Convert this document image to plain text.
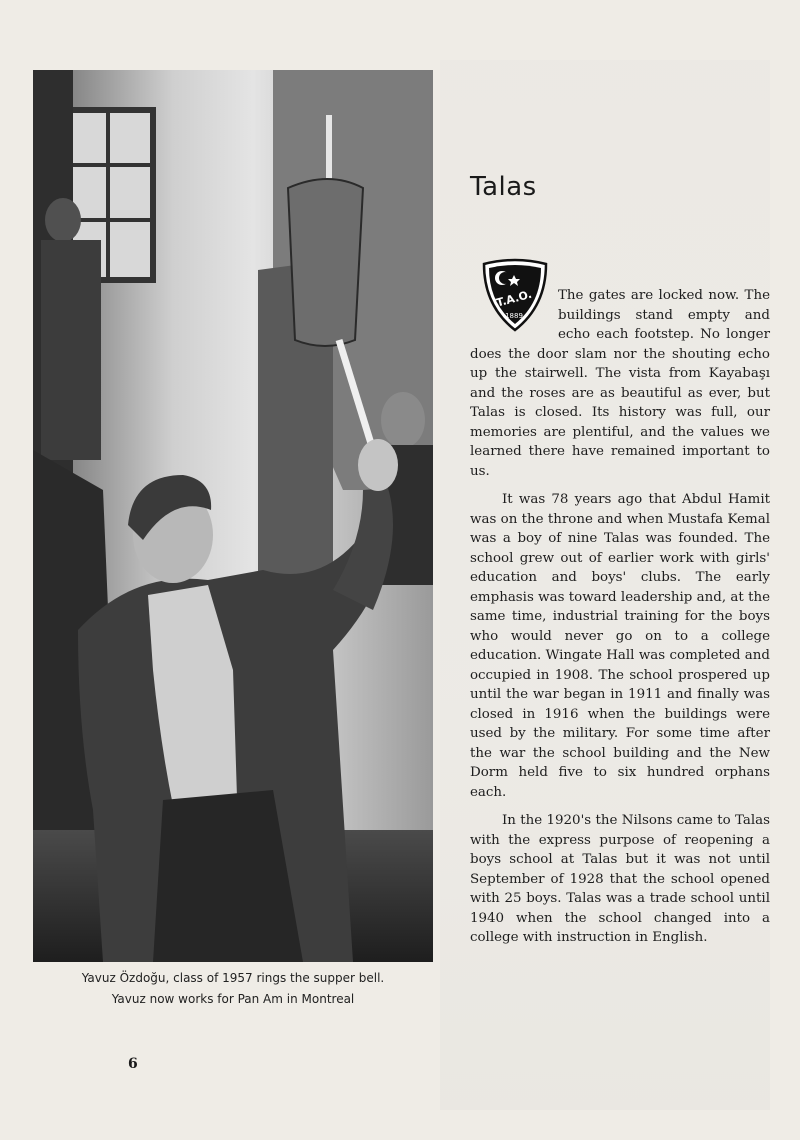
Yavuz Özdoğu, class of 1957 rings the supper bell.
Yavuz now works for Pan Am in Montreal
Talas
T.A.O.
1889

The gates are locked now. The buildings stand empty and echo each footstep. No longer does the door slam nor the shouting echo up the stairwell. The vista from Kayabaşı and the roses are as beautiful as ever, but Talas is closed. Its history was full, our memories are plentiful, and the values we learned there have remained important to us.

It was 78 years ago that Abdul Hamit was on the throne and when Mustafa Kemal was a boy of nine Talas was founded. The school grew out of earlier work with girls' education and boys' clubs. The early emphasis was toward leadership and, at the same time, industrial training for the boys who would never go on to a college education. Wingate Hall was completed and occupied in 1908. The school prospered up until the war began in 1911 and finally was closed in 1916 when the buildings were used by the military. For some time after the war the school building and the New Dorm held five to six hundred orphans each.

In the 1920's the Nilsons came to Talas with the express purpose of reopening a boys school at Talas but it was not until September of 1928 that the school opened with 25 boys. Talas was a trade school until 1940 when the school changed into a college with instruction in English.

6
